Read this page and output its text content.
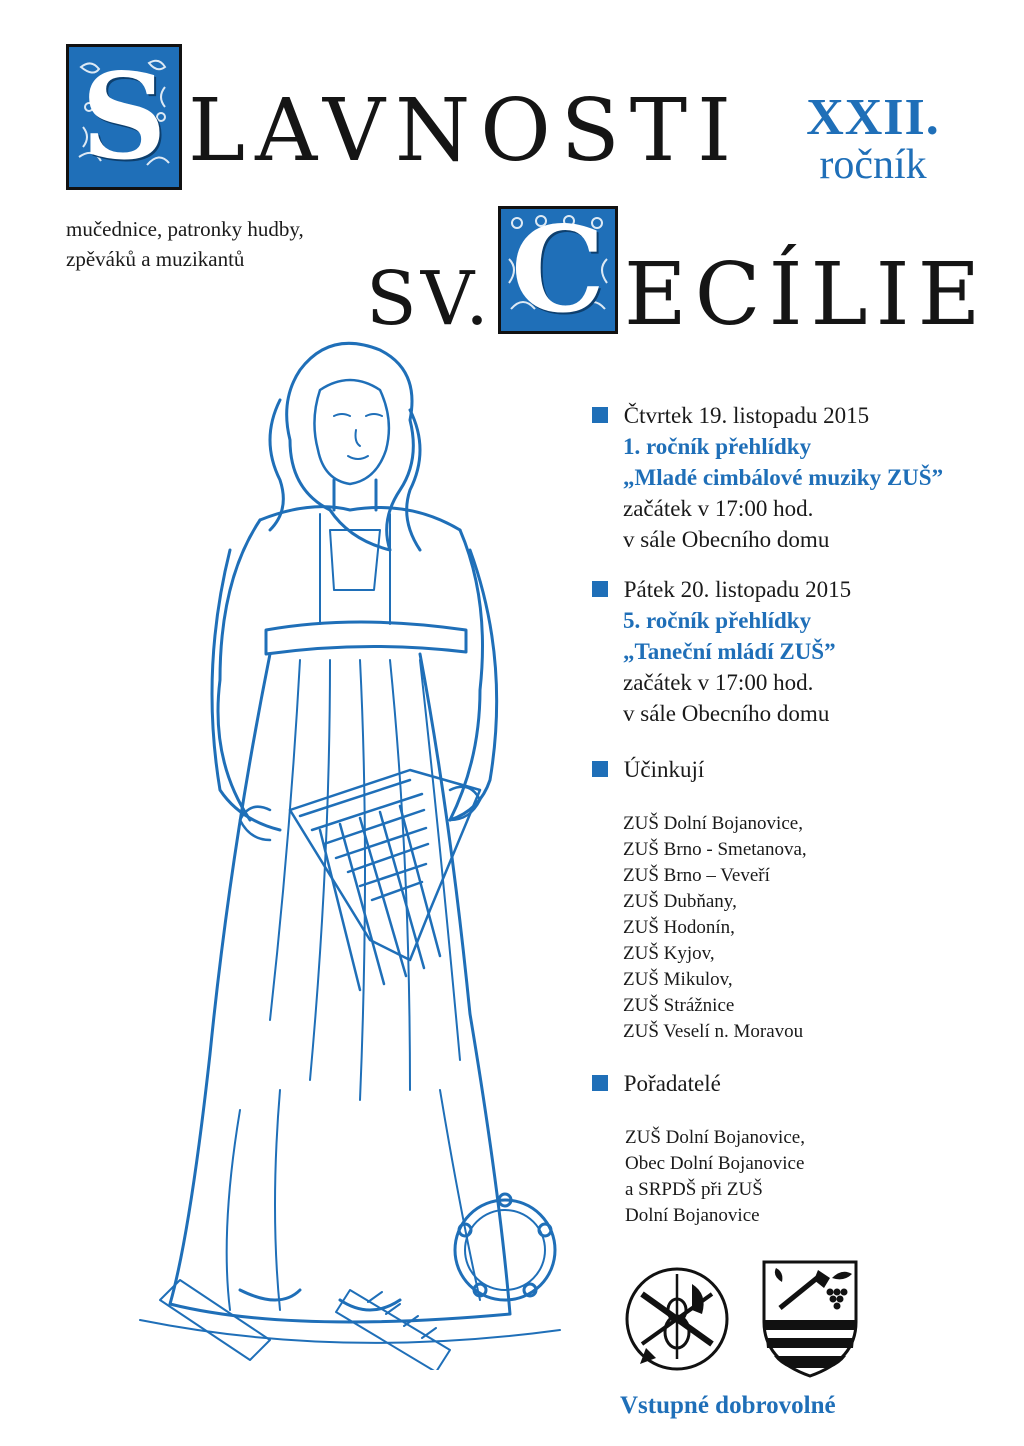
S LAVNOSTI	XXII.
ročník
mučednice, patronky hudby,
zpěváků a muzikantů	SV. C ECÍLIE
Čtvrtek 19. listopadu 2015
1. ročník přehlídky
„Mladé cimbálové muziky ZUŠ”
začátek v 17:00 hod.
v sále Obecního domu
Pátek 20. listopadu 2015
5. ročník přehlídky
„Taneční mládí ZUŠ”
začátek v 17:00 hod.
v sále Obecního domu
Účinkují
ZUŠ Dolní Bojanovice,
ZUŠ Brno - Smetanova,
ZUŠ Brno – Veveří
ZUŠ Dubňany,
ZUŠ Hodonín,
ZUŠ Kyjov,
ZUŠ Mikulov,
ZUŠ Strážnice
ZUŠ Veselí n. Moravou
Pořadatelé
ZUŠ Dolní Bojanovice,
Obec Dolní Bojanovice
a SRPDŠ při ZUŠ
Dolní Bojanovice
Vstupné dobrovolné
